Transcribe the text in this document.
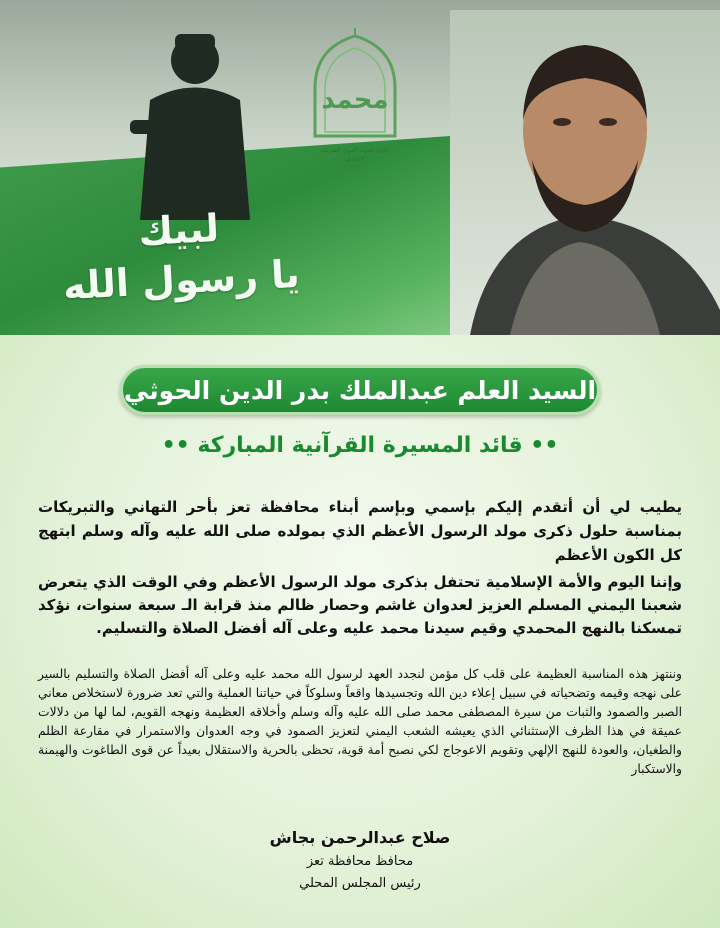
لبيك
يا رسول الله
محمد
ذكرى المولد النبوي الشريف
١٤٤٣هـ
السيد العلم عبدالملك بدر الدين الحوثي
•• قائد المسيرة القرآنية المباركة ••

يطيب لي أن أتقدم إليكم بإسمي وبإسم أبناء محافظة تعز بأحر التهاني والتبريكات بمناسبة حلول ذكرى مولد الرسول الأعظم الذي بمولده صلى الله عليه وآله وسلم ابتهج كل الكون الأعظم

وإننا اليوم والأمة الإسلامية تحتفل بذكرى مولد الرسول الأعظم وفي الوقت الذي يتعرض شعبنا اليمني المسلم العزيز لعدوان غاشم وحصار ظالم منذ قرابة الـ سبعة سنوات، نؤكد تمسكنا بالنهج المحمدي وقيم سيدنا محمد عليه وعلى آله أفضل الصلاة والتسليم.

وننتهز هذه المناسبة العظيمة على قلب كل مؤمن لنجدد العهد لرسول الله محمد عليه وعلى آله أفضل الصلاة والتسليم بالسير على نهجه وقيمه وتضحياته في سبيل إعلاء دين الله وتجسيدها واقعاً وسلوكاً في حياتنا العملية والتي تعد ضرورة لاستخلاص معاني الصبر والصمود والثبات من سيرة المصطفى محمد صلى الله عليه وآله وسلم وأخلاقه العظيمة ونهجه القويم، لما لها من دلالات عميقة في هذا الظرف الإستثنائي الذي يعيشه الشعب اليمني لتعزيز الصمود في وجه العدوان والاستمرار في مقارعة الظلم والطغيان، والعودة للنهج الإلهي وتقويم الاعوجاج لكي نصبح أمة قوية، تحظى بالحرية والاستقلال بعيداً عن قوى الطاغوت والهيمنة والاستكبار

صلاح عبدالرحمن بجاش
محافظ محافظة تعز
رئيس المجلس المحلي
